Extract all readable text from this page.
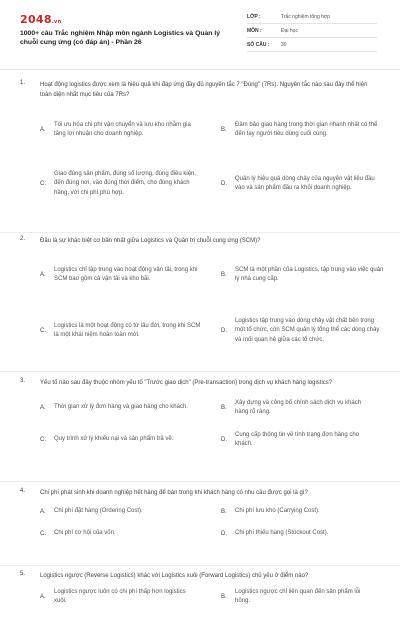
2048.vn
1000+ câu Trắc nghiệm Nhập môn ngành Logistics và Quản lý chuỗi cung ứng (có đáp án) - Phần 26
LỚP :	Trắc nghiệm tổng hợp
MÔN :	Đại học
SỐ CÂU :	30
1. Hoạt động logistics được xem là hiệu quả khi đáp ứng đầy đủ nguyên tắc 7 "Đúng" (7Rs). Nguyên tắc nào sau đây thể hiện toàn diện nhất mục tiêu của 7Rs?
A.
Tối ưu hóa chi phí vận chuyển và lưu kho nhằm gia tăng lợi nhuận cho doanh nghiệp.
B.
Đảm bảo giao hàng trong thời gian nhanh nhất có thể đến tay người tiêu dùng cuối cùng.
C.
Giao đúng sản phẩm, đúng số lượng, đúng điều kiện, đến đúng nơi, vào đúng thời điểm, cho đúng khách hàng, với chi phí phù hợp.
D.
Quản lý hiệu quả dòng chảy của nguyên vật liệu đầu vào và sản phẩm đầu ra khỏi doanh nghiệp.
2. Đâu là sự khác biệt cơ bản nhất giữa Logistics và Quản trị chuỗi cung ứng (SCM)?
A.
Logistics chỉ tập trung vào hoạt động vận tải, trong khi SCM bao gồm cả vận tải và kho bãi.
B.
SCM là một phần của Logistics, tập trung vào việc quản lý nhà cung cấp.
C.
Logistics là một hoạt động có từ lâu đời, trong khi SCM là một khái niệm hoàn toàn mới.
D.
Logistics tập trung vào dòng chảy vật chất bên trong một tổ chức, còn SCM quản lý tổng thể các dòng chảy và mối quan hệ giữa các tổ chức.
3. Yếu tố nào sau đây thuộc nhóm yếu tố "Trước giao dịch" (Pre-transaction) trong dịch vụ khách hàng logistics?
A.	Thời gian xử lý đơn hàng và giao hàng cho khách.	B.
Xây dựng và công bố chính sách dịch vụ khách hàng rõ ràng.
C.	Quy trình xử lý khiếu nại và sản phẩm trả về.	D.
Cung cấp thông tin về tình trạng đơn hàng cho khách.
4. Chi phí phát sinh khi doanh nghiệp hết hàng để bán trong khi khách hàng có nhu cầu được gọi là gì?
A.	Chi phí đặt hàng (Ordering Cost).	B.	Chi phí lưu kho (Carrying Cost).
C.	Chi phí cơ hội của vốn.	D.	Chi phí thiếu hàng (Stockout Cost).
5. Logistics ngược (Reverse Logistics) khác với Logistics xuôi (Forward Logistics) chủ yếu ở điểm nào?
A.
Logistics ngược luôn có chi phí thấp hơn logistics xuôi.
B.
Logistics ngược chỉ liên quan đến sản phẩm lỗi hỏng.
